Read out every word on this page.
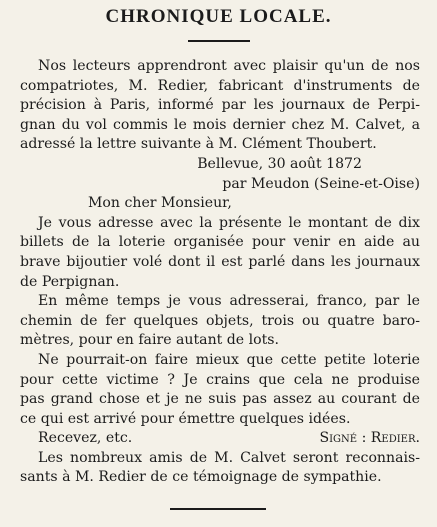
CHRONIQUE LOCALE.
Nos lecteurs apprendront avec plaisir qu'un de nos
compatriotes, M. Redier, fabricant d'instruments de
précision à Paris, informé par les journaux de Perpi-
gnan du vol commis le mois dernier chez M. Calvet, a
adressé la lettre suivante à M. Clément Thoubert.
Bellevue, 30 août 1872
par Meudon (Seine-et-Oise)
Mon cher Monsieur,
Je vous adresse avec la présente le montant de dix
billets de la loterie organisée pour venir en aide au
brave bijoutier volé dont il est parlé dans les journaux
de Perpignan.
En même temps je vous adresserai, franco, par le
chemin de fer quelques objets, trois ou quatre baro-
mètres, pour en faire autant de lots.
Ne pourrait-on faire mieux que cette petite loterie
pour cette victime ? Je crains que cela ne produise
pas grand chose et je ne suis pas assez au courant de
ce qui est arrivé pour émettre quelques idées.
Recevez, etc.	Signé : Redier.
Les nombreux amis de M. Calvet seront reconnais-
sants à M. Redier de ce témoignage de sympathie.
